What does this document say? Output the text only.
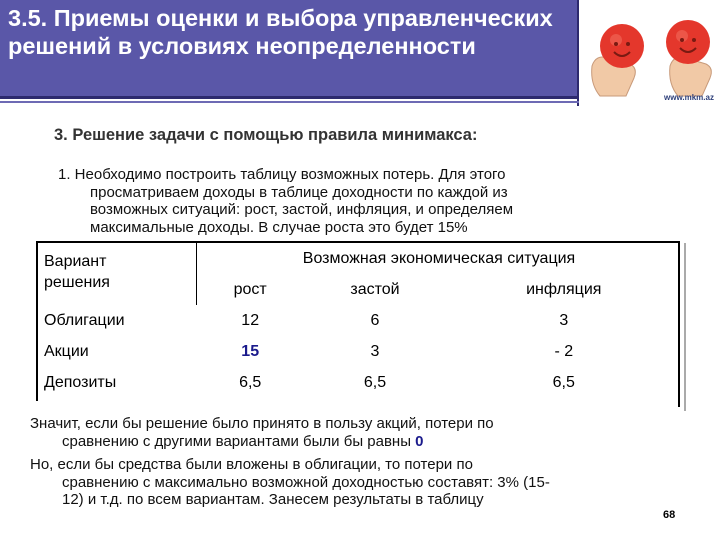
3.5. Приемы оценки и выбора управленческих решений в условиях неопределенности
www.mkm.az
3. Решение задачи с помощью правила минимакса:
1. Необходимо построить таблицу возможных потерь. Для этого
просматриваем доходы в таблице доходности по каждой из
возможных ситуаций: рост, застой, инфляция, и определяем
максимальные доходы. В случае роста это будет 15%
Вариант
решения	Возможная экономическая ситуация		
	рост	застой	инфляция
Облигации	12	6	3
Акции	15	3	- 2
Депозиты	6,5	6,5	6,5
Значит, если бы решение было принято в пользу акций, потери по
сравнению с другими вариантами были бы равны 0
Но, если бы средства были вложены в облигации, то потери по
сравнению с максимально возможной доходностью составят: 3% (15-
12) и т.д. по всем вариантам. Занесем результаты в таблицу
68
